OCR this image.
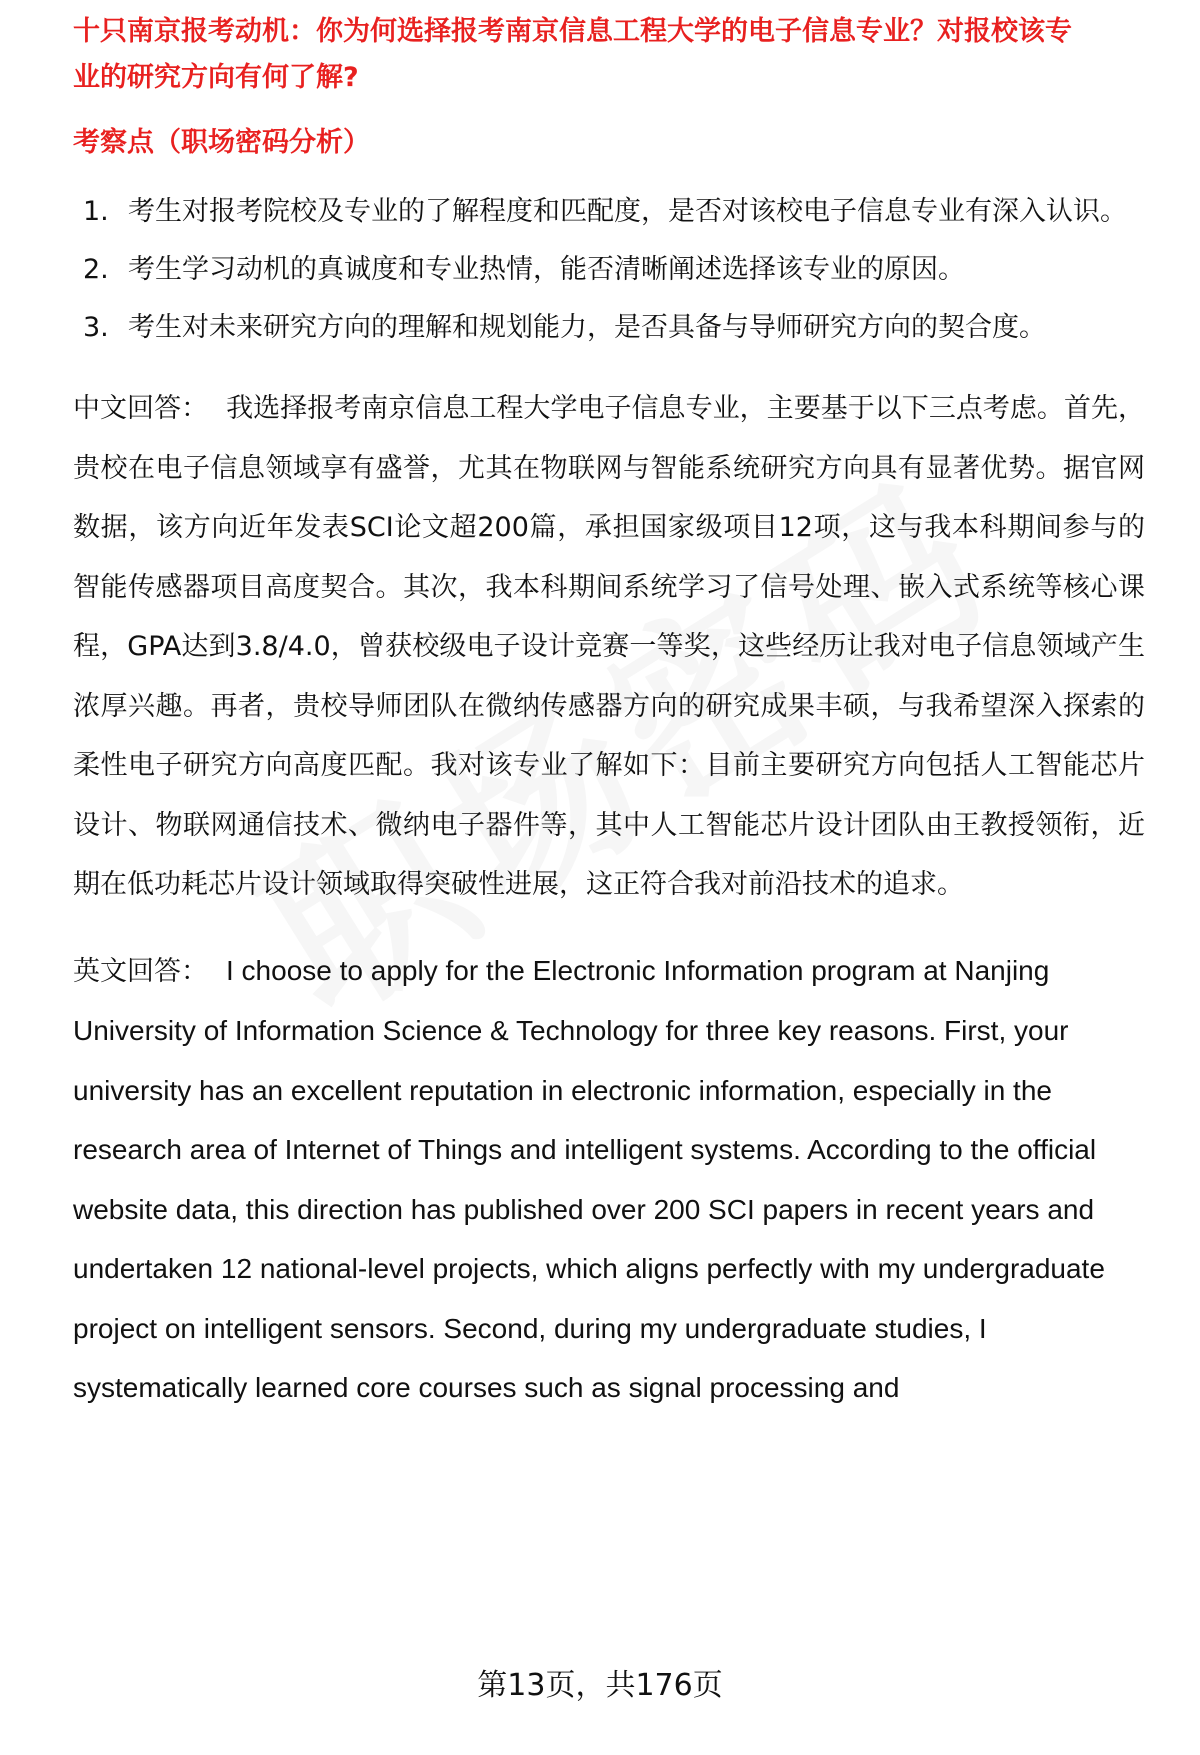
十只南京报考动机：你为何选择报考南京信息工程大学的电子信息专业？对报校该专
业的研究方向有何了解?
考察点（职场密码分析）
1. 考生对报考院校及专业的了解程度和匹配度，是否对该校电子信息专业有深入认识。
2. 考生学习动机的真诚度和专业热情，能否清晰阐述选择该专业的原因。
3. 考生对未来研究方向的理解和规划能力，是否具备与导师研究方向的契合度。

中文回答： 我选择报考南京信息工程大学电子信息专业，主要基于以下三点考虑。首先，贵校在电子信息领域享有盛誉，尤其在物联网与智能系统研究方向具有显著优势。据官网数据，该方向近年发表SCI论文超200篇，承担国家级项目12项，这与我本科期间参与的智能传感器项目高度契合。其次，我本科期间系统学习了信号处理、嵌入式系统等核心课程，GPA达到3.8/4.0，曾获校级电子设计竞赛一等奖，这些经历让我对电子信息领域产生浓厚兴趣。再者，贵校导师团队在微纳传感器方向的研究成果丰硕，与我希望深入探索的柔性电子研究方向高度匹配。我对该专业了解如下：目前主要研究方向包括人工智能芯片设计、物联网通信技术、微纳电子器件等，其中人工智能芯片设计团队由王教授领衔，近期在低功耗芯片设计领域取得突破性进展，这正符合我对前沿技术的追求。

英文回答： I choose to apply for the Electronic Information program at Nanjing University of Information Science & Technology for three key reasons. First, your university has an excellent reputation in electronic information, especially in the research area of Internet of Things and intelligent systems. According to the official website data, this direction has published over 200 SCI papers in recent years and undertaken 12 national-level projects, which aligns perfectly with my undergraduate project on intelligent sensors. Second, during my undergraduate studies, I systematically learned core courses such as signal processing and

第13页，共176页
